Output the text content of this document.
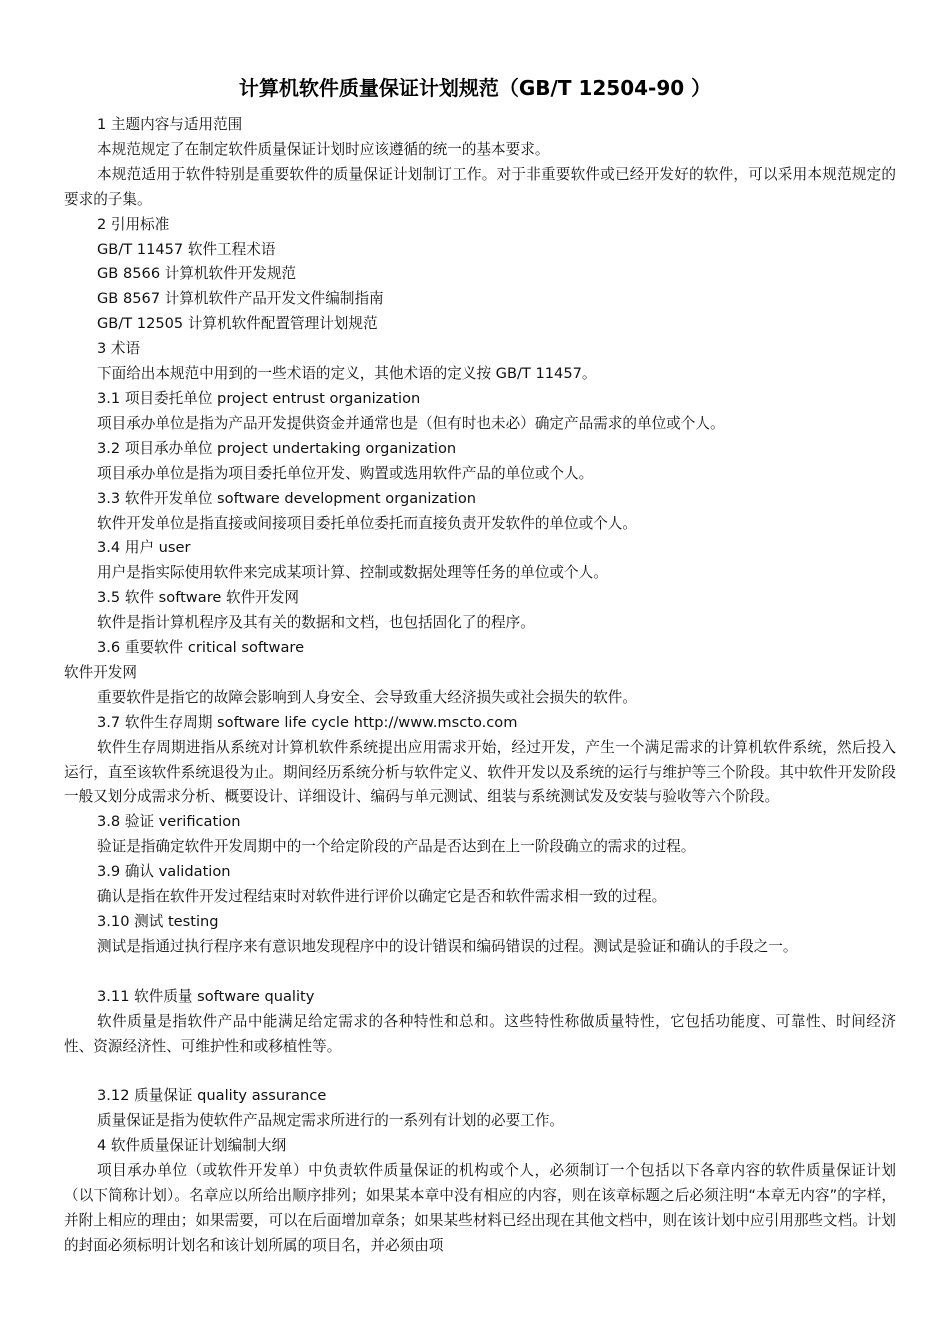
计算机软件质量保证计划规范（GB/T 12504-90 ）

1 主题内容与适用范围

本规范规定了在制定软件质量保证计划时应该遵循的统一的基本要求。

本规范适用于软件特别是重要软件的质量保证计划制订工作。对于非重要软件或已经开发好的软件，可以采用本规范规定的要求的子集。

2 引用标准

GB/T 11457 软件工程术语

GB 8566 计算机软件开发规范

GB 8567 计算机软件产品开发文件编制指南

GB/T 12505 计算机软件配置管理计划规范

3 术语

下面给出本规范中用到的一些术语的定义，其他术语的定义按 GB/T 11457。

3.1 项目委托单位 project entrust organization

项目承办单位是指为产品开发提供资金并通常也是（但有时也未必）确定产品需求的单位或个人。

3.2 项目承办单位 project undertaking organization

项目承办单位是指为项目委托单位开发、购置或选用软件产品的单位或个人。

3.3 软件开发单位 software development organization

软件开发单位是指直接或间接项目委托单位委托而直接负责开发软件的单位或个人。

3.4 用户 user

用户是指实际使用软件来完成某项计算、控制或数据处理等任务的单位或个人。

3.5 软件 software 软件开发网

软件是指计算机程序及其有关的数据和文档，也包括固化了的程序。

3.6 重要软件 critical software

软件开发网

重要软件是指它的故障会影响到人身安全、会导致重大经济损失或社会损失的软件。

3.7 软件生存周期 software life cycle http://www.mscto.com

软件生存周期进指从系统对计算机软件系统提出应用需求开始，经过开发，产生一个满足需求的计算机软件系统，然后投入运行，直至该软件系统退役为止。期间经历系统分析与软件定义、软件开发以及系统的运行与维护等三个阶段。其中软件开发阶段一般又划分成需求分析、概要设计、详细设计、编码与单元测试、组装与系统测试发及安装与验收等六个阶段。

3.8 验证 verification

验证是指确定软件开发周期中的一个给定阶段的产品是否达到在上一阶段确立的需求的过程。

3.9 确认 validation

确认是指在软件开发过程结束时对软件进行评价以确定它是否和软件需求相一致的过程。

3.10 测试 testing

测试是指通过执行程序来有意识地发现程序中的设计错误和编码错误的过程。测试是验证和确认的手段之一。

3.11 软件质量 software quality

软件质量是指软件产品中能满足给定需求的各种特性和总和。这些特性称做质量特性，它包括功能度、可靠性、时间经济性、资源经济性、可维护性和或移植性等。

3.12 质量保证 quality assurance

质量保证是指为使软件产品规定需求所进行的一系列有计划的必要工作。

4 软件质量保证计划编制大纲

项目承办单位（或软件开发单）中负责软件质量保证的机构或个人，必须制订一个包括以下各章内容的软件质量保证计划（以下简称计划）。名章应以所给出顺序排列；如果某本章中没有相应的内容，则在该章标题之后必须注明“本章无内容”的字样，并附上相应的理由；如果需要，可以在后面增加章条；如果某些材料已经出现在其他文档中，则在该计划中应引用那些文档。计划的封面必须标明计划名和该计划所属的项目名，并必须由项
